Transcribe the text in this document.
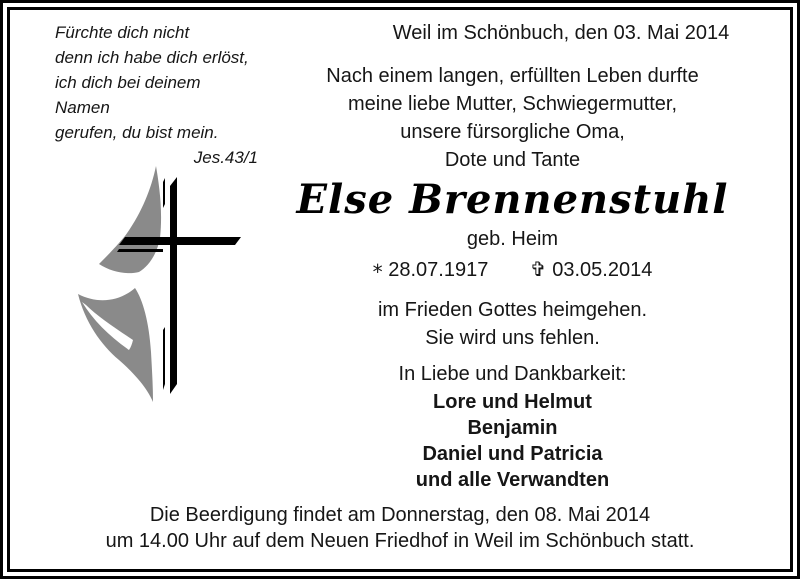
Fürchte dich nicht
denn ich habe dich erlöst,
ich dich bei deinem Namen
gerufen, du bist mein.
Jes.43/1
Weil im Schönbuch, den 03. Mai 2014
Nach einem langen, erfüllten Leben durfte
meine liebe Mutter, Schwiegermutter,
unsere fürsorgliche Oma,
Dote und Tante
Else Brennenstuhl
geb. Heim
* 28.07.1917 ✞ 03.05.2014
im Frieden Gottes heimgehen.
Sie wird uns fehlen.
In Liebe und Dankbarkeit:
Lore und Helmut
Benjamin
Daniel und Patricia
und alle Verwandten
Die Beerdigung findet am Donnerstag, den 08. Mai 2014
um 14.00 Uhr auf dem Neuen Friedhof in Weil im Schönbuch statt.
